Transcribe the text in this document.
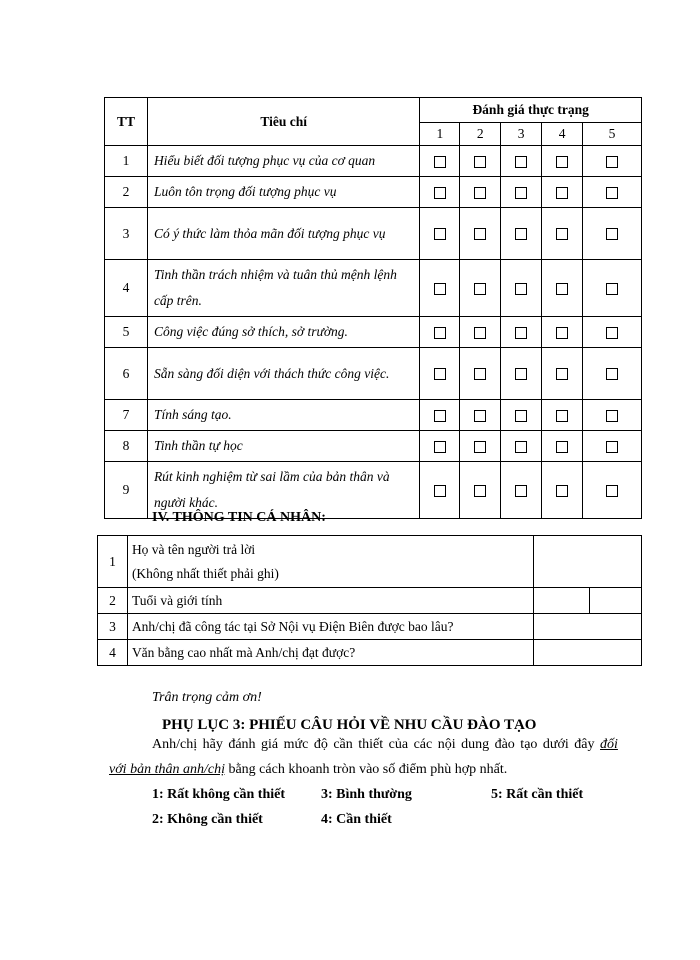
TT	Tiêu chí	Đánh giá thực trạng				
		1	2	3	4	5
1	Hiểu biết đối tượng phục vụ của cơ quan					
2	Luôn tôn trọng đối tượng phục vụ					
3	Có ý thức làm thỏa mãn đối tượng phục vụ					
4	Tinh thần trách nhiệm và tuân thủ mệnh lệnh cấp trên.					
5	Công việc đúng sở thích, sở trường.					
6	Sẵn sàng đối diện với thách thức công việc.					
7	Tính sáng tạo.					
8	Tinh thần tự học					
9	Rút kinh nghiệm từ sai lầm của bản thân và người khác.					
IV. THÔNG TIN CÁ NHÂN:
1	Họ và tên người trả lời
(Không nhất thiết phải ghi)		

2	Tuổi và giới tính		
3	Anh/chị đã công tác tại Sở Nội vụ Điện Biên được bao lâu?		
4	Văn bằng cao nhất mà Anh/chị đạt được?		
Trân trọng cảm ơn!
PHỤ LỤC 3: PHIẾU CÂU HỎI VỀ NHU CẦU ĐÀO TẠO
Anh/chị hãy đánh giá mức độ cần thiết của các nội dung đào tạo dưới đây đối
với bản thân anh/chị bằng cách khoanh tròn vào số điểm phù hợp nhất.
1: Rất không cần thiết	3: Bình thường	5: Rất cần thiết
2: Không cần thiết	4: Cần thiết
